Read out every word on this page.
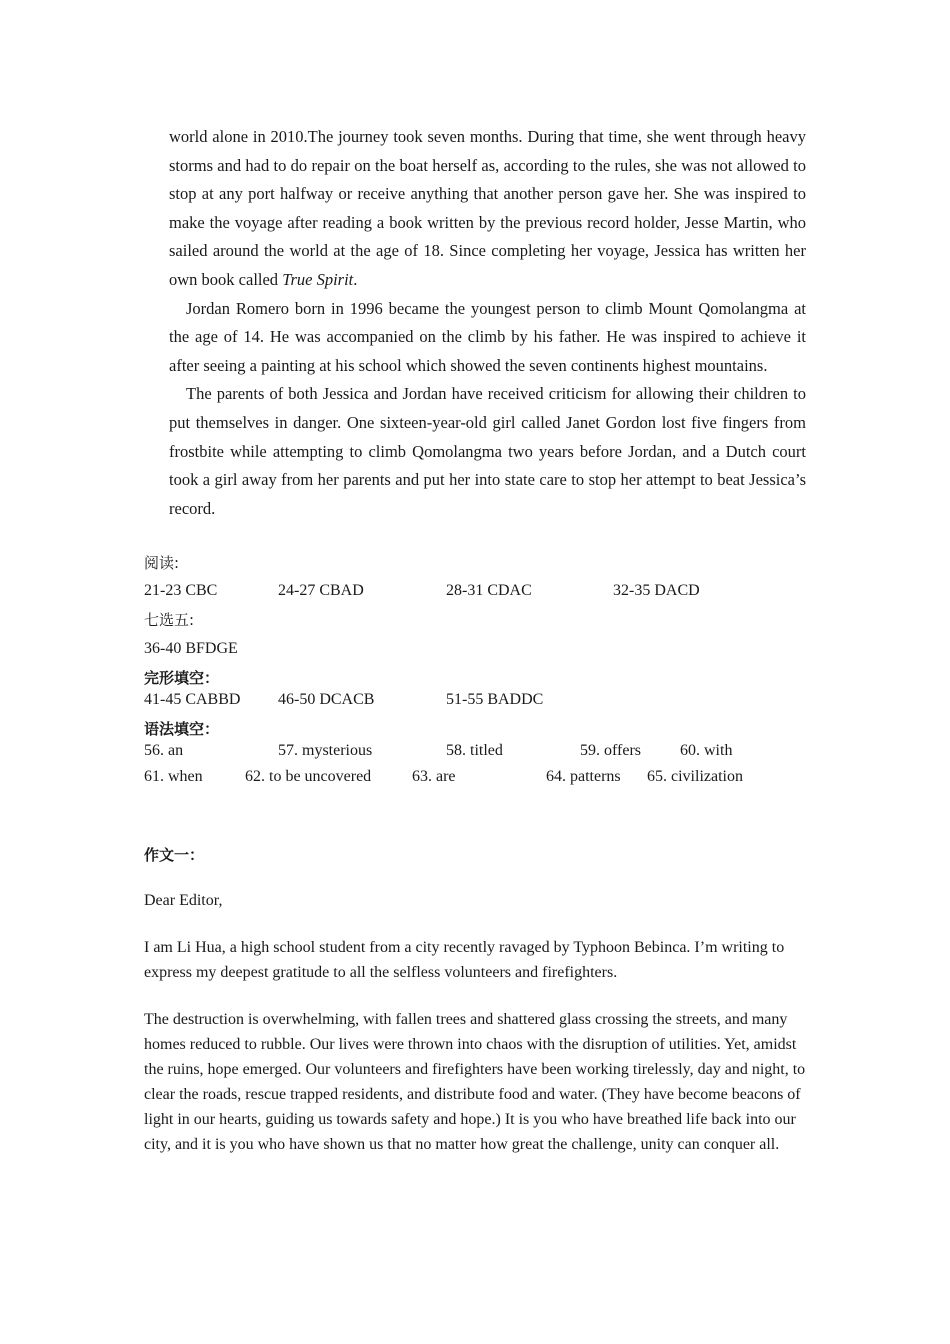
world alone in 2010.The journey took seven months. During that time, she went through heavy storms and had to do repair on the boat herself as, according to the rules, she was not allowed to stop at any port halfway or receive anything that another person gave her. She was inspired to make the voyage after reading a book written by the previous record holder, Jesse Martin, who sailed around the world at the age of 18. Since completing her voyage, Jessica has written her own book called True Spirit.

Jordan Romero born in 1996 became the youngest person to climb Mount Qomolangma at the age of 14. He was accompanied on the climb by his father. He was inspired to achieve it after seeing a painting at his school which showed the seven continents highest mountains.

The parents of both Jessica and Jordan have received criticism for allowing their children to put themselves in danger. One sixteen-year-old girl called Janet Gordon lost five fingers from frostbite while attempting to climb Qomolangma two years before Jordan, and a Dutch court took a girl away from her parents and put her into state care to stop her attempt to beat Jessica’s record.

阅读:
21-23 CBC	24-27 CBAD	28-31 CDAC	32-35 DACD
七选五:
36-40 BFDGE
完形填空：
41-45 CABBD 46-50 DCACB	51-55 BADDC
语法填空：
56. an	57. mysterious	58. titled	59. offers 60. with
61. when	62. to be uncovered	63. are	64. patterns 65. civilization
作文一：

Dear Editor,

I am Li Hua, a high school student from a city recently ravaged by Typhoon Bebinca. I’m writing to express my deepest gratitude to all the selfless volunteers and firefighters.

The destruction is overwhelming, with fallen trees and shattered glass crossing the streets, and many homes reduced to rubble. Our lives were thrown into chaos with the disruption of utilities. Yet, amidst the ruins, hope emerged. Our volunteers and firefighters have been working tirelessly, day and night, to clear the roads, rescue trapped residents, and distribute food and water. (They have become beacons of light in our hearts, guiding us towards safety and hope.) It is you who have breathed life back into our city, and it is you who have shown us that no matter how great the challenge, unity can conquer all.
